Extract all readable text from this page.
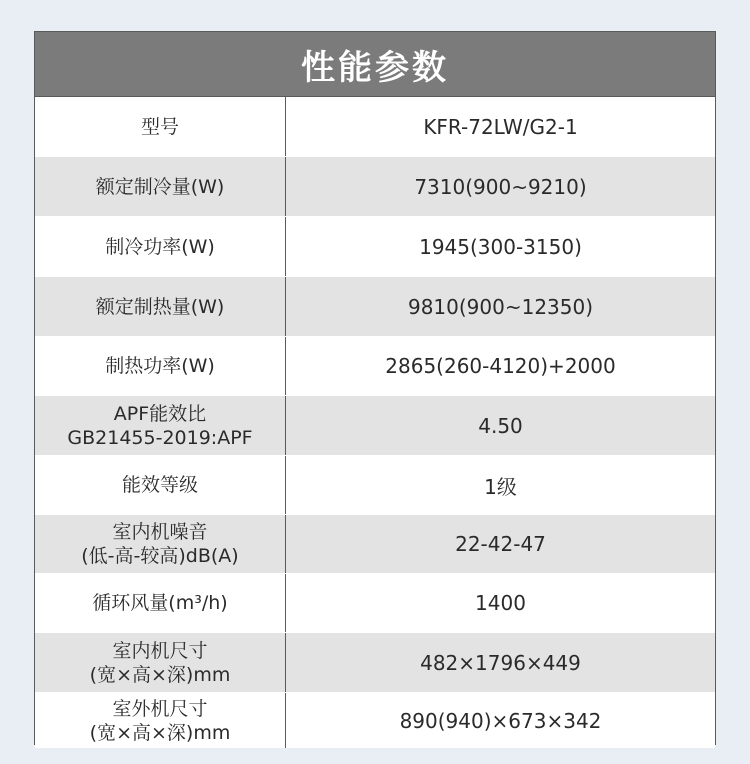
性能参数
型号	KFR-72LW/G2-1
额定制冷量(W)	7310(900~9210)
制冷功率(W)	1945(300-3150)
额定制热量(W)	9810(900~12350)
制热功率(W)	2865(260-4120)+2000
APF能效比
GB21455-2019:APF	4.50
能效等级	1级
室内机噪音
(低-高-较高)dB(A)	22-42-47
循环风量(m³/h)	1400
室内机尺寸
(宽×高×深)mm	482×1796×449
室外机尺寸
(宽×高×深)mm	890(940)×673×342
